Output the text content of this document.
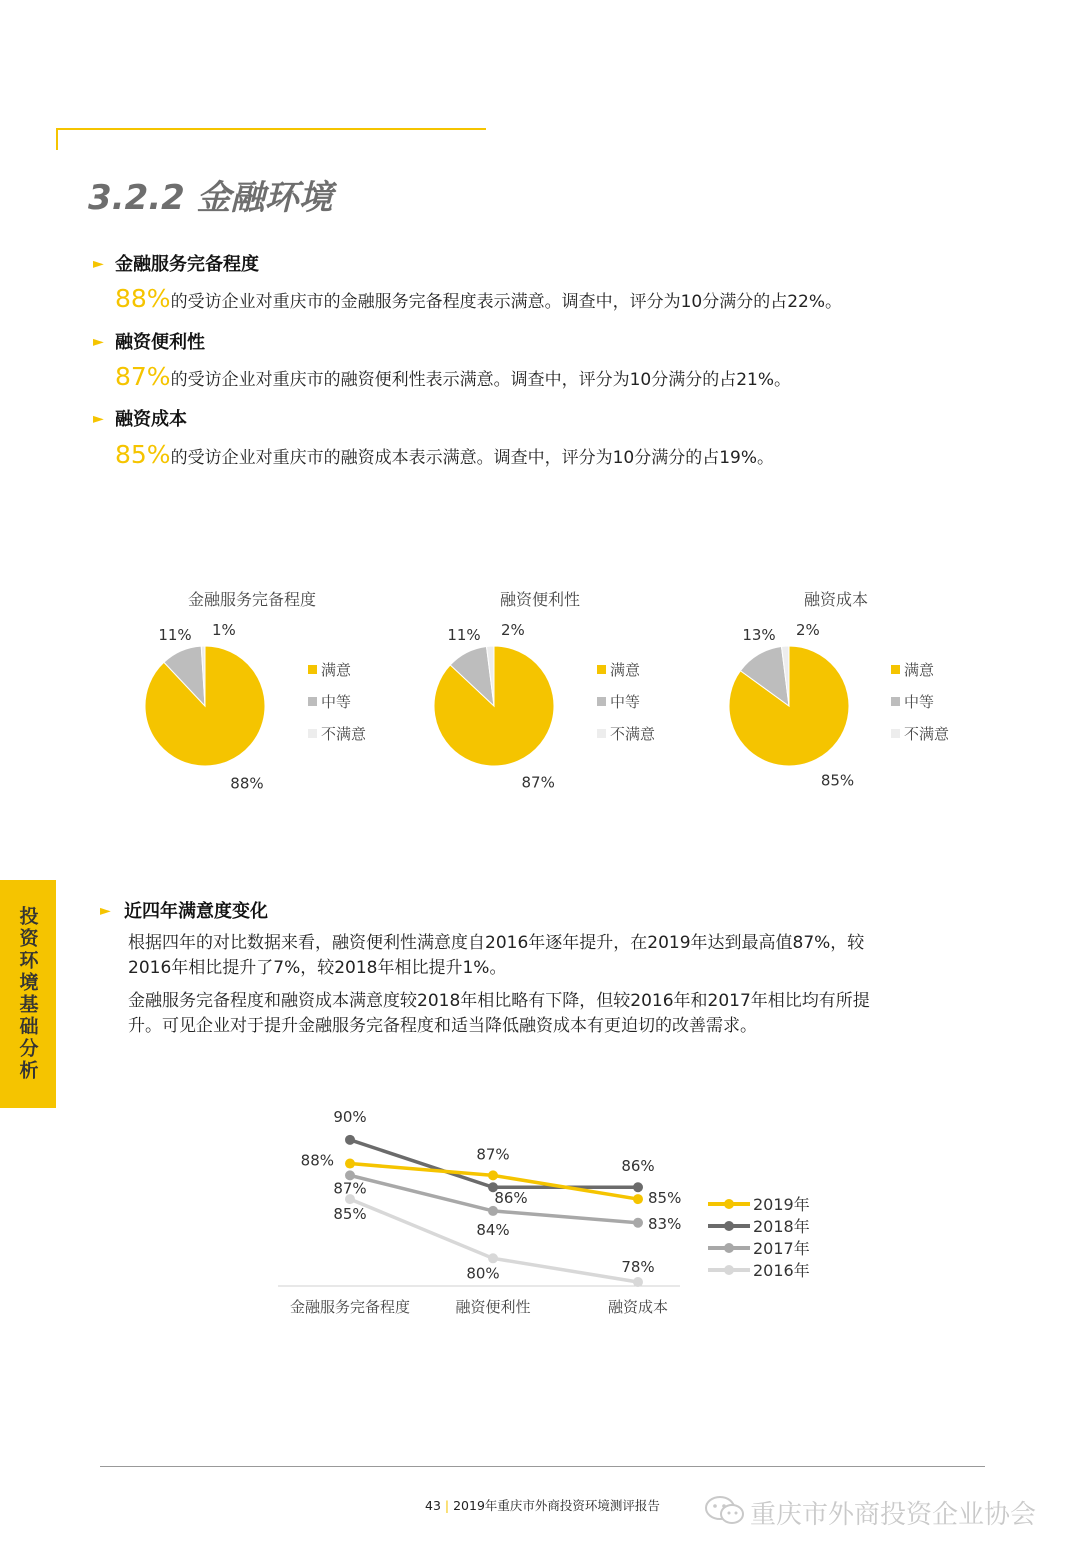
3.2.2 金融环境
► 金融服务完备程度
88%的受访企业对重庆市的金融服务完备程度表示满意。调查中，评分为10分满分的占22%。
► 融资便利性
87%的受访企业对重庆市的融资便利性表示满意。调查中，评分为10分满分的占21%。
► 融资成本
85%的受访企业对重庆市的融资成本表示满意。调查中，评分为10分满分的占19%。
金融服务完备程度
88%
11% 1%
满意
中等
不满意
融资便利性
87%
11% 2%
满意
中等
不满意
融资成本
85%
13% 2%
满意
中等
不满意
投资环境基础分析	► 近四年满意度变化
根据四年的对比数据来看，融资便利性满意度自2016年逐年提升，在2019年达到最高值87%，较
2016年相比提升了7%，较2018年相比提升1%。
金融服务完备程度和融资成本满意度较2018年相比略有下降，但较2016年和2017年相比均有所提
升。可见企业对于提升金融服务完备程度和适当降低融资成本有更迫切的改善需求。
金融服务完备程度	融资便利性	融资成本
88%	87%
85%
90%
86%
86%
87%
84%	83%
85%
80%	78%
2019年
2018年
2017年
2016年
43 | 2019年重庆市外商投资环境测评报告	重庆市外商投资企业协会
